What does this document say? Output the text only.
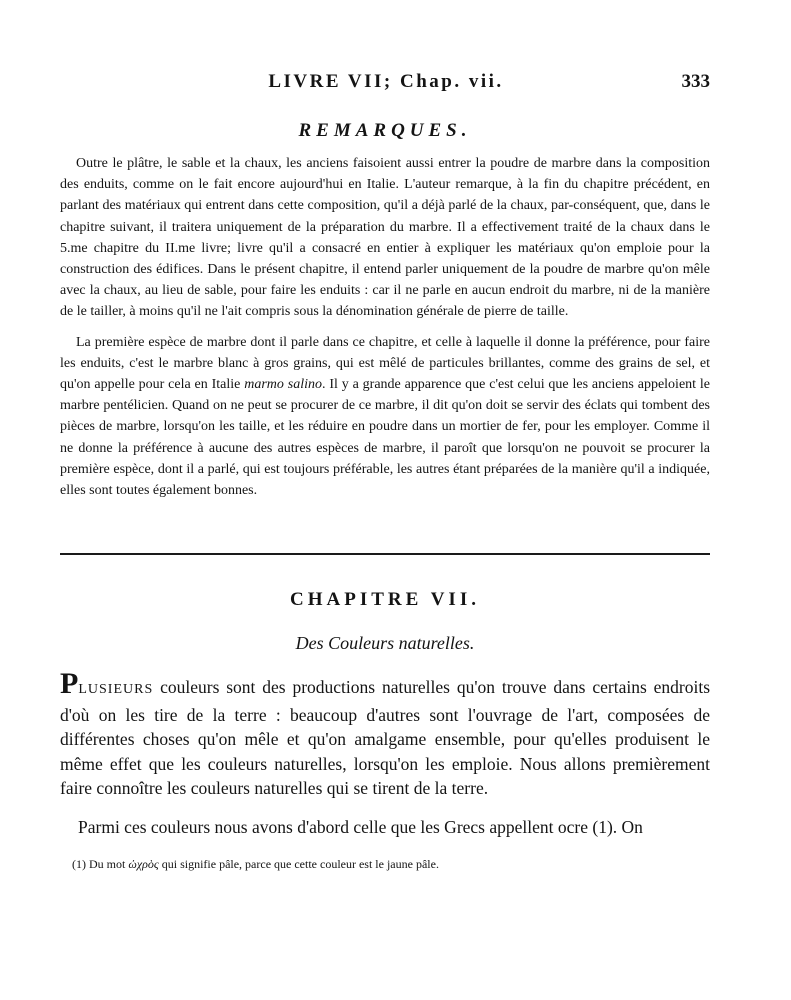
LIVRE VII; Chap. vii.	333
REMARQUES.

Outre le plâtre, le sable et la chaux, les anciens faisoient aussi entrer la poudre de marbre dans la composition des enduits, comme on le fait encore aujourd'hui en Italie. L'auteur remarque, à la fin du chapitre précédent, en parlant des matériaux qui entrent dans cette composition, qu'il a déjà parlé de la chaux, par-conséquent, que, dans le chapitre suivant, il traitera uniquement de la préparation du marbre. Il a effectivement traité de la chaux dans le 5.me chapitre du II.me livre; livre qu'il a consacré en entier à expliquer les matériaux qu'on emploie pour la construction des édifices. Dans le présent chapitre, il entend parler uniquement de la poudre de marbre qu'on mêle avec la chaux, au lieu de sable, pour faire les enduits : car il ne parle en aucun endroit du marbre, ni de la manière de le tailler, à moins qu'il ne l'ait compris sous la dénomination générale de pierre de taille.

La première espèce de marbre dont il parle dans ce chapitre, et celle à laquelle il donne la préférence, pour faire les enduits, c'est le marbre blanc à gros grains, qui est mêlé de particules brillantes, comme des grains de sel, et qu'on appelle pour cela en Italie marmo salino. Il y a grande apparence que c'est celui que les anciens appeloient le marbre pentélicien. Quand on ne peut se procurer de ce marbre, il dit qu'on doit se servir des éclats qui tombent des pièces de marbre, lorsqu'on les taille, et les réduire en poudre dans un mortier de fer, pour les employer. Comme il ne donne la préférence à aucune des autres espèces de marbre, il paroît que lorsqu'on ne pouvoit se procurer la première espèce, dont il a parlé, qui est toujours préférable, les autres étant préparées de la manière qu'il a indiquée, elles sont toutes également bonnes.

CHAPITRE VII.
Des Couleurs naturelles.

PLUSIEURS couleurs sont des productions naturelles qu'on trouve dans certains endroits d'où on les tire de la terre : beaucoup d'autres sont l'ouvrage de l'art, composées de différentes choses qu'on mêle et qu'on amalgame ensemble, pour qu'elles produisent le même effet que les couleurs naturelles, lorsqu'on les emploie. Nous allons premièrement faire connoître les couleurs naturelles qui se tirent de la terre.

Parmi ces couleurs nous avons d'abord celle que les Grecs appellent ocre (1). On

(1) Du mot ὠχρὸς qui signifie pâle, parce que cette couleur est le jaune pâle.
